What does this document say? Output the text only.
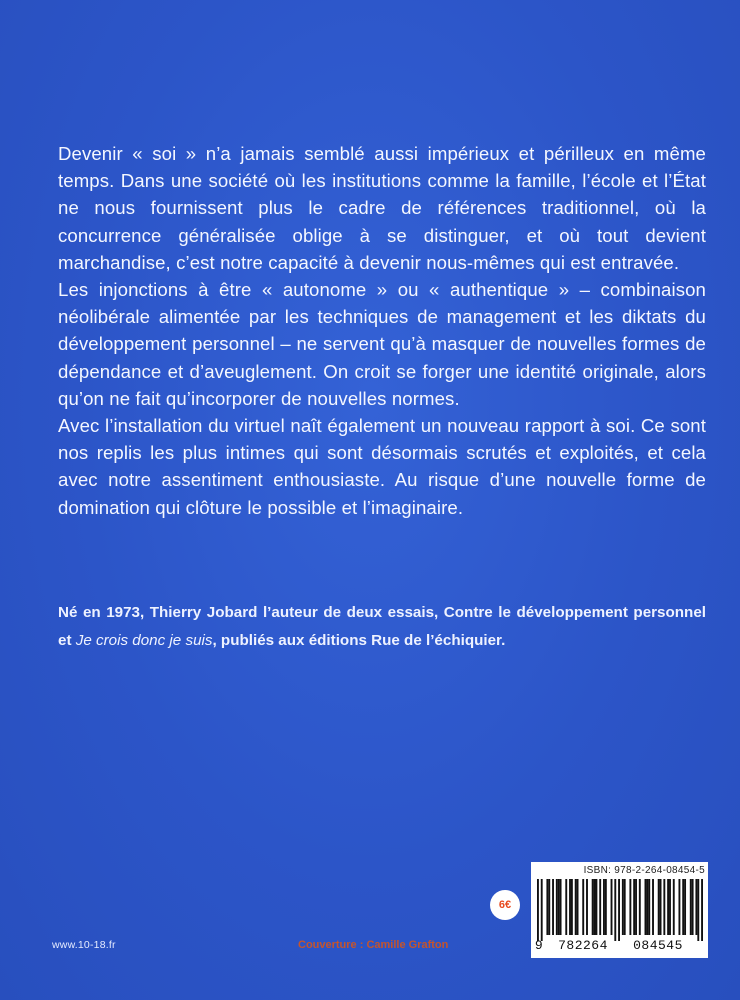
Devenir « soi » n’a jamais semblé aussi impérieux et périlleux en même temps. Dans une société où les institutions comme la famille, l’école et l’État ne nous fournissent plus le cadre de références traditionnel, où la concurrence généralisée oblige à se distinguer, et où tout devient marchandise, c’est notre capacité à devenir nous-mêmes qui est entravée.

Les injonctions à être « autonome » ou « authentique » – combinaison néolibérale alimentée par les techniques de management et les diktats du développement personnel – ne servent qu’à masquer de nouvelles formes de dépendance et d’aveuglement. On croit se forger une identité originale, alors qu’on ne fait qu’incorporer de nouvelles normes.

Avec l’installation du virtuel naît également un nouveau rapport à soi. Ce sont nos replis les plus intimes qui sont désormais scrutés et exploités, et cela avec notre assentiment enthousiaste. Au risque d’une nouvelle forme de domination qui clôture le possible et l’imaginaire.

Né en 1973, Thierry Jobard l’auteur de deux essais, Contre le développement personnel et Je crois donc je suis, publiés aux éditions Rue de l’échiquier.

www.10-18.fr	Couverture : Camille Grafton
6€
ISBN: 978-2-264-08454-5
9	782264	084545
